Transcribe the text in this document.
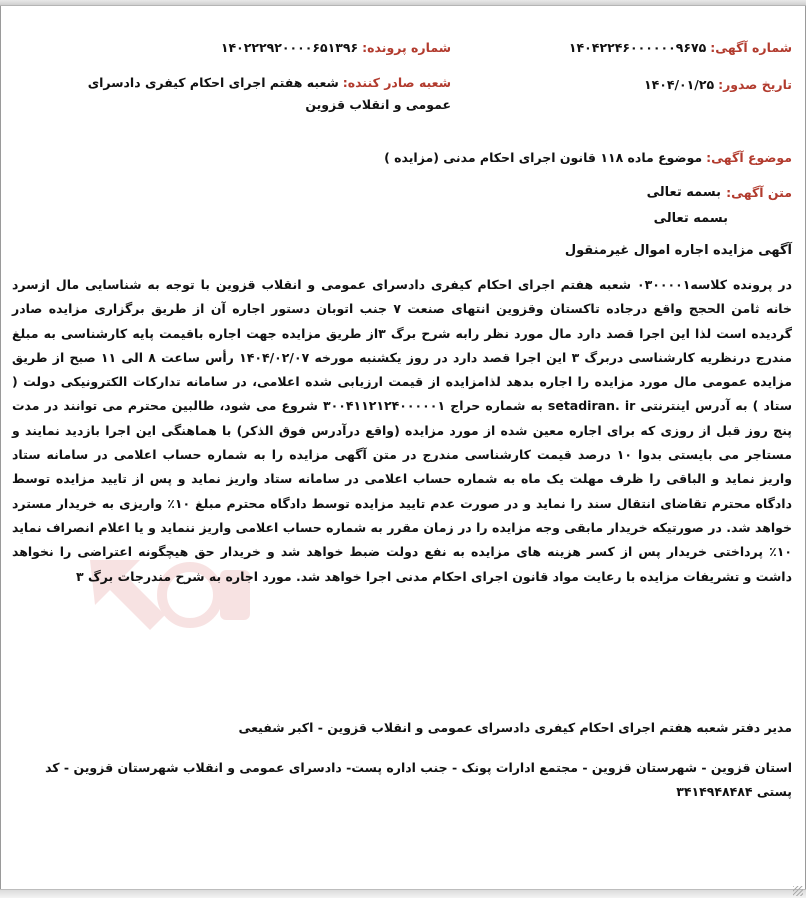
شماره آگهی: ۱۴۰۴۲۲۴۶۰۰۰۰۰۰۹۶۷۵
شماره پرونده: ۱۴۰۲۲۲۹۲۰۰۰۰۶۵۱۳۹۶
تاریخ صدور: ۱۴۰۴/۰۱/۲۵
شعبه صادر کننده: شعبه هفتم اجرای احکام کیفری دادسرای عمومی و انقلاب قزوین
موضوع آگهی: موضوع ماده ۱۱۸ قانون اجرای احکام مدنی (مزایده )
متن آگهی:
بسمه تعالی
بسمه تعالی
آگهی مزایده اجاره اموال غیرمنقول
در پرونده کلاسه۰۳۰۰۰۰۱ شعبه هفتم اجرای احکام کیفری دادسرای عمومی و انقلاب قزوین با توجه به شناسایی مال ازسرد خانه ثامن الحجج واقع درجاده تاکستان وقزوین انتهای صنعت ۷ جنب اتوبان دستور اجاره آن از طریق برگزاری مزایده صادر گردیده است لذا این اجرا قصد دارد مال مورد نظر رابه شرح برگ ۳از طریق مزایده جهت اجاره باقیمت پایه کارشناسی به مبلغ مندرج درنظریه کارشناسی دربرگ ۳ این اجرا قصد دارد در روز یکشنبه مورخه ۱۴۰۴/۰۲/۰۷ رأس ساعت ۸ الی ۱۱ صبح از طریق مزایده عمومی مال مورد مزایده را اجاره بدهد لذامزایده از قیمت ارزیابی شده اعلامی، در سامانه تدارکات الکترونیکی دولت ( ستاد ) به آدرس اینترنتی setadiran. ir به شماره حراج ۳۰۰۴۱۱۲۱۲۴۰۰۰۰۰۱ شروع می شود، طالبین محترم می توانند در مدت پنج روز قبل از روزی که برای اجاره معین شده از مورد مزایده (واقع درآدرس فوق الذکر) با هماهنگی این اجرا بازدید نمایند و مستاجر می بایستی بدوا ۱۰ درصد قیمت کارشناسی مندرج در متن آگهی مزایده را به شماره حساب اعلامی در سامانه ستاد واریز نماید و الباقی را ظرف مهلت یک ماه به شماره حساب اعلامی در سامانه ستاد واریز نماید و پس از تایید مزایده توسط دادگاه محترم تقاضای انتقال سند را نماید و در صورت عدم تایید مزایده توسط دادگاه محترم مبلغ ۱۰٪ واریزی به خریدار مسترد خواهد شد. در صورتیکه خریدار مابقی وجه مزایده را در زمان مقرر به شماره حساب اعلامی واریز ننماید و یا اعلام انصراف نماید ۱۰٪ پرداختی خریدار پس از کسر هزینه های مزایده به نفع دولت ضبط خواهد شد و خریدار حق هیچگونه اعتراضی را نخواهد داشت و تشریفات مزایده با رعایت مواد قانون اجرای احکام مدنی اجرا خواهد شد. مورد اجاره به شرح مندرجات برگ ۳
مدیر دفتر شعبه هفتم اجرای احکام کیفری دادسرای عمومی و انقلاب قزوین - اکبر شفیعی
استان قزوین - شهرستان قزوین - مجتمع ادارات پونک - جنب اداره پست- دادسرای عمومی و انقلاب شهرستان قزوین - کد پستی ۳۴۱۴۹۴۸۴۸۴
